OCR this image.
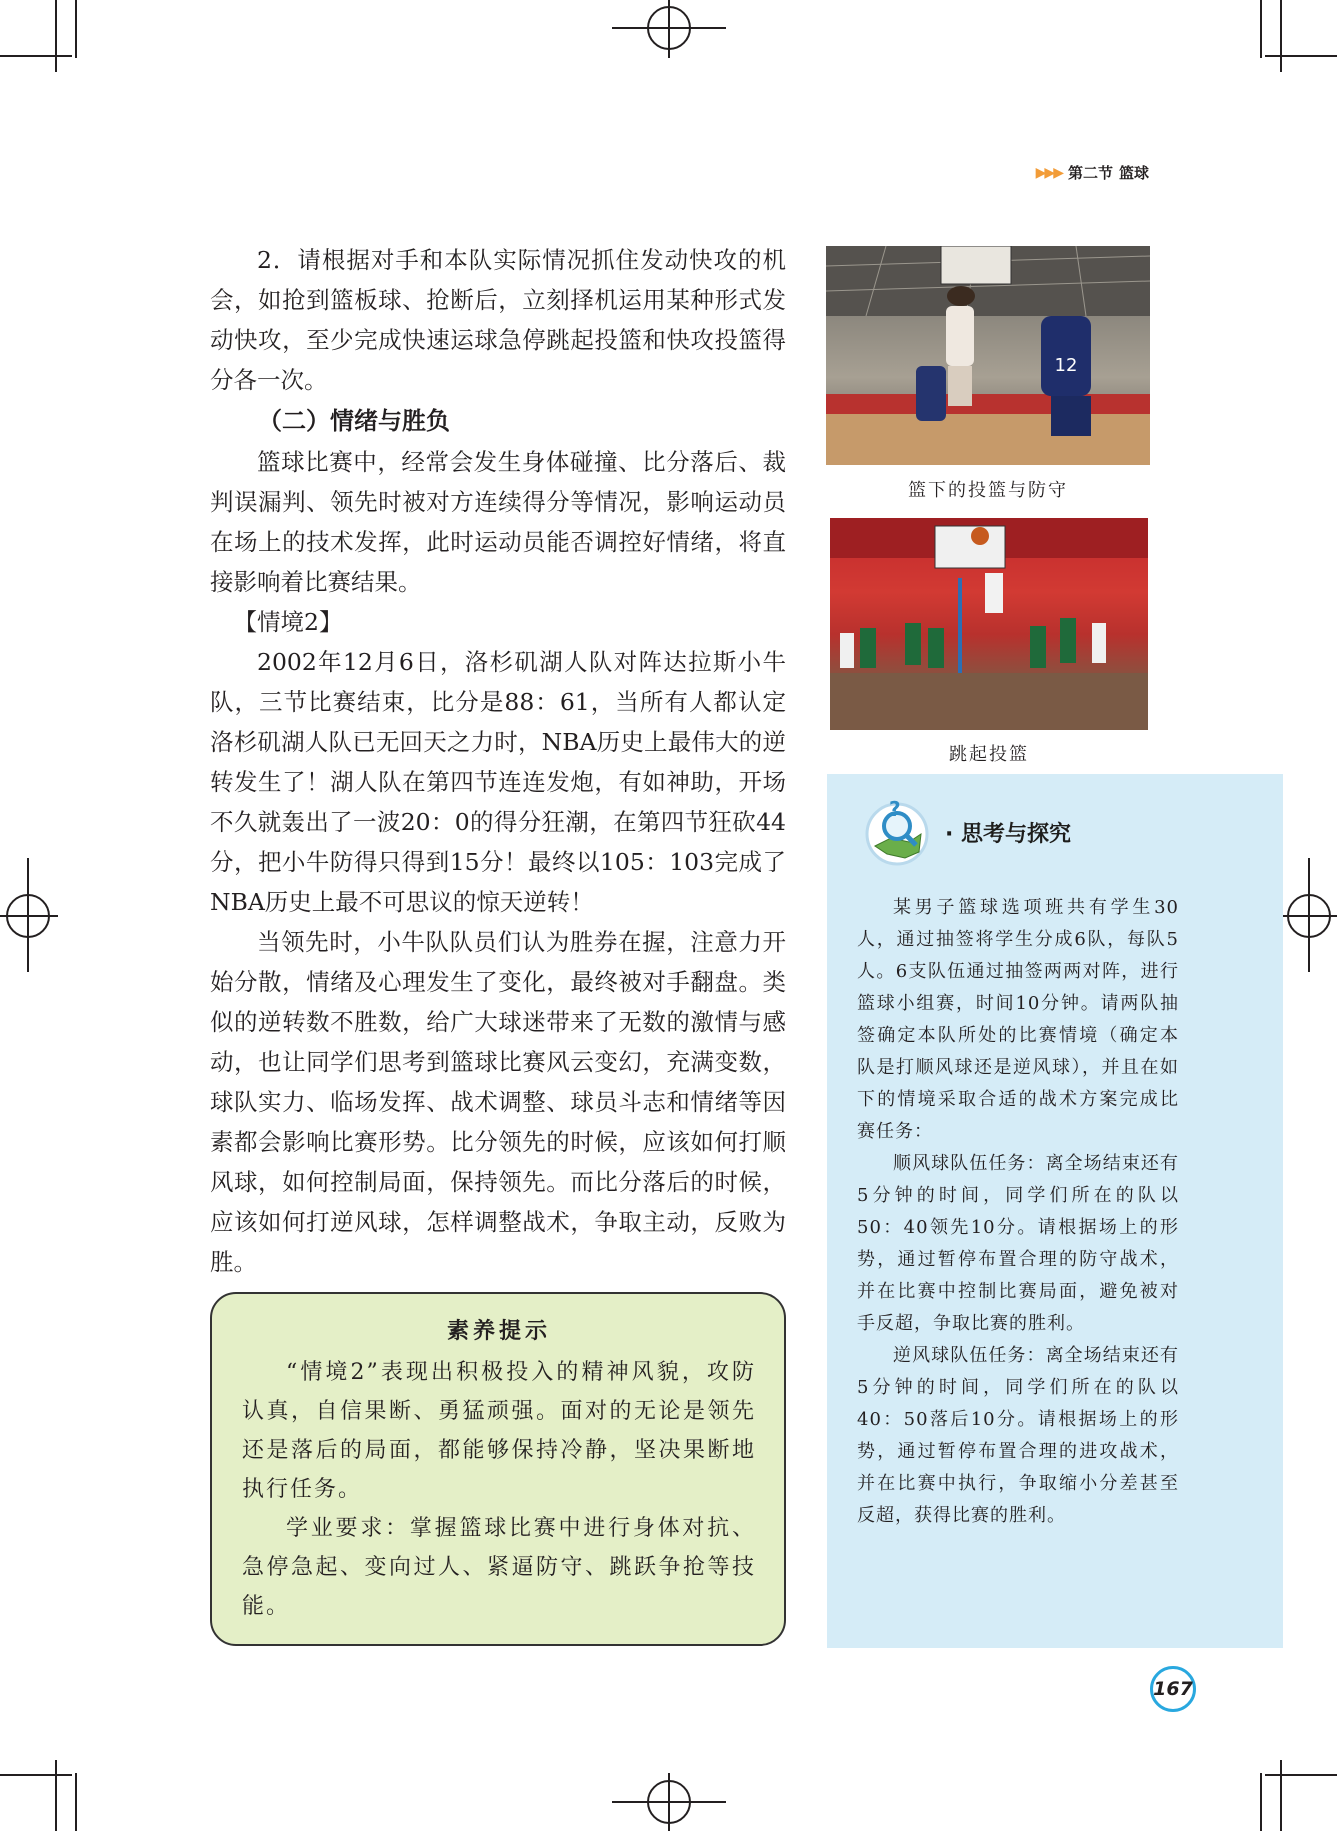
▶▶▶ 第二节 篮球

2．请根据对手和本队实际情况抓住发动快攻的机会，如抢到篮板球、抢断后，立刻择机运用某种形式发动快攻，至少完成快速运球急停跳起投篮和快攻投篮得分各一次。

（二）情绪与胜负

篮球比赛中，经常会发生身体碰撞、比分落后、裁判误漏判、领先时被对方连续得分等情况，影响运动员在场上的技术发挥，此时运动员能否调控好情绪，将直接影响着比赛结果。

【情境2】

2002年12月6日，洛杉矶湖人队对阵达拉斯小牛队，三节比赛结束，比分是88：61，当所有人都认定洛杉矶湖人队已无回天之力时，NBA历史上最伟大的逆转发生了！湖人队在第四节连连发炮，有如神助，开场不久就轰出了一波20：0的得分狂潮，在第四节狂砍44分，把小牛防得只得到15分！最终以105：103完成了NBA历史上最不可思议的惊天逆转！

当领先时，小牛队队员们认为胜券在握，注意力开始分散，情绪及心理发生了变化，最终被对手翻盘。类似的逆转数不胜数，给广大球迷带来了无数的激情与感动，也让同学们思考到篮球比赛风云变幻，充满变数，球队实力、临场发挥、战术调整、球员斗志和情绪等因素都会影响比赛形势。比分领先的时候，应该如何打顺风球，如何控制局面，保持领先。而比分落后的时候，应该如何打逆风球，怎样调整战术，争取主动，反败为胜。

素养提示

“情境2”表现出积极投入的精神风貌，攻防认真，自信果断、勇猛顽强。面对的无论是领先还是落后的局面，都能够保持冷静，坚决果断地执行任务。

学业要求：掌握篮球比赛中进行身体对抗、急停急起、变向过人、紧逼防守、跳跃争抢等技能。

12
篮下的投篮与防守
跳起投篮
?
· 思考与探究

某男子篮球选项班共有学生30人，通过抽签将学生分成6队，每队5人。6支队伍通过抽签两两对阵，进行篮球小组赛，时间10分钟。请两队抽签确定本队所处的比赛情境（确定本队是打顺风球还是逆风球），并且在如下的情境采取合适的战术方案完成比赛任务：

顺风球队伍任务：离全场结束还有5分钟的时间，同学们所在的队以50：40领先10分。请根据场上的形势，通过暂停布置合理的防守战术，并在比赛中控制比赛局面，避免被对手反超，争取比赛的胜利。

逆风球队伍任务：离全场结束还有5分钟的时间，同学们所在的队以40：50落后10分。请根据场上的形势，通过暂停布置合理的进攻战术，并在比赛中执行，争取缩小分差甚至反超，获得比赛的胜利。

167
